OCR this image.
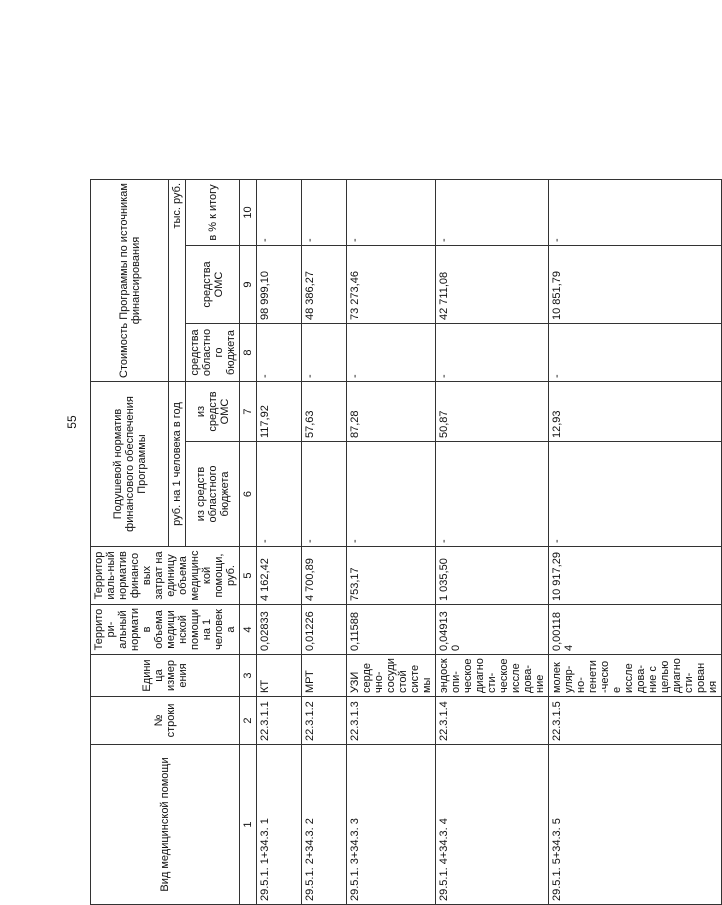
55
Вид медицинской помощи	№ строки	Единица измерения	Территори-альный норматив объема медицинской помощи на 1 человека	Территориаль-ный норматив финансовых затрат на единицу объема медицинской помощи, руб.	Подушевой норматив финансового обеспечения Программы		Стоимость Программы по источникам финансирования		
					руб. на 1 человека в год		тыс. руб.		
					из средств областного бюджета	из средств ОМС	средства областного бюджета	средства ОМС	в % к итогу
1	2	3	4	5	6	7	8	9	10
29.5.1. 1+34.3. 1	22.3.1.1	КТ	0,02833	4 162,42	-	117,92	-	98 999,10	-
29.5.1. 2+34.3. 2	22.3.1.2	МРТ	0,01226	4 700,89	-	57,63	-	48 386,27	-
29.5.1. 3+34.3. 3	22.3.1.3	УЗИ сердечно-сосудистой системы	0,11588	753,17	-	87,28	-	73 273,46	-
29.5.1. 4+34.3. 4	22.3.1.4	эндоскопи-ческое диагности-ческое исследова-ние	0,049130	1 035,50	-	50,87	-	42 711,08	-
29.5.1. 5+34.3. 5	22.3.1.5	молекуляр-но-генети-ческое исследова-ние с целью диагности-рования	0,001184	10 917,29	-	12,93	-	10 851,79	-
